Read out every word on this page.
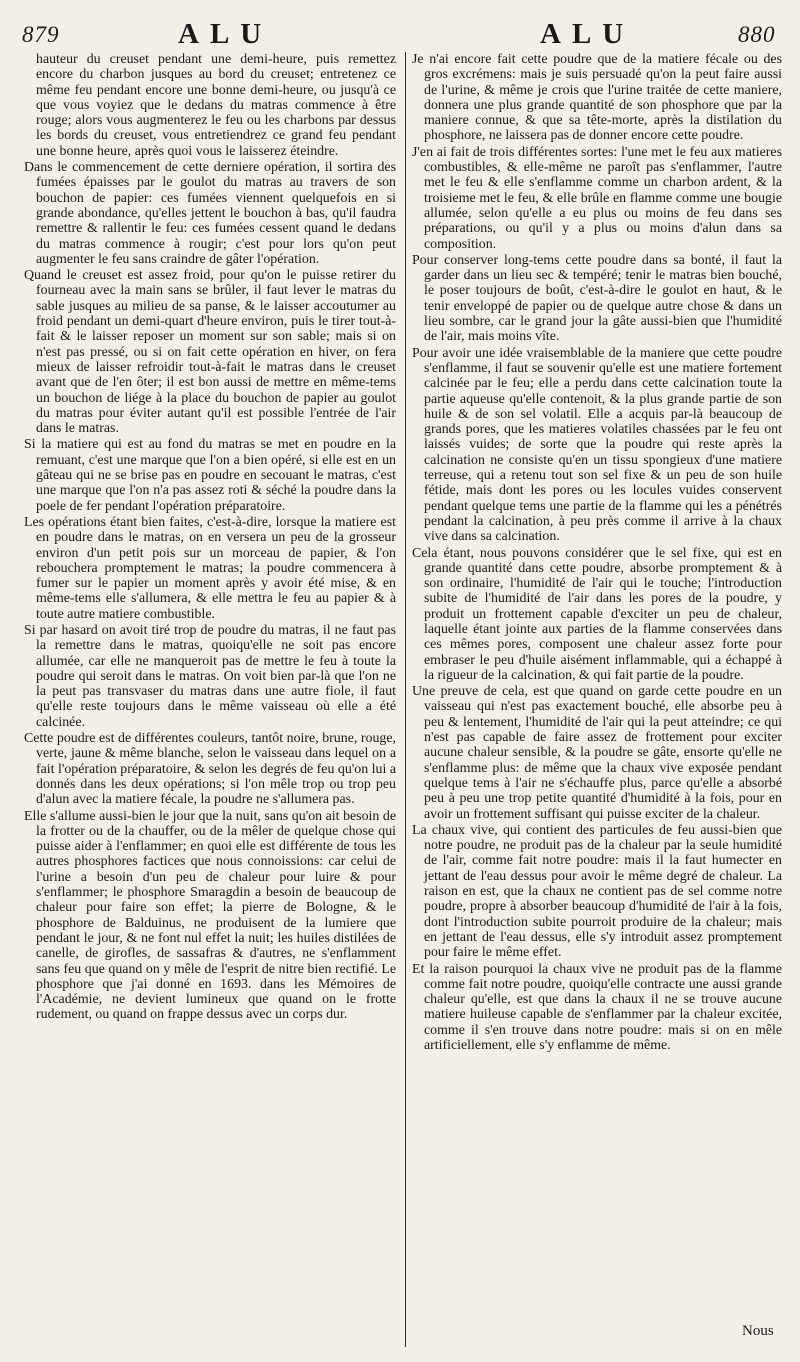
879	ALU	ALU	880

hauteur du creuset pendant une demi-heure, puis remettez encore du charbon jusques au bord du creuset; entretenez ce même feu pendant encore une bonne demi-heure, ou jusqu'à ce que vous voyiez que le dedans du matras commence à être rouge; alors vous augmenterez le feu ou les charbons par dessus les bords du creuset, vous entretiendrez ce grand feu pendant une bonne heure, après quoi vous le laisserez éteindre.

Dans le commencement de cette derniere opération, il sortira des fumées épaisses par le goulot du matras au travers de son bouchon de papier: ces fumées viennent quelquefois en si grande abondance, qu'elles jettent le bouchon à bas, qu'il faudra remettre & rallentir le feu: ces fumées cessent quand le dedans du matras commence à rougir; c'est pour lors qu'on peut augmenter le feu sans craindre de gâter l'opération.

Quand le creuset est assez froid, pour qu'on le puisse retirer du fourneau avec la main sans se brûler, il faut lever le matras du sable jusques au milieu de sa panse, & le laisser accoutumer au froid pendant un demi-quart d'heure environ, puis le tirer tout-à-fait & le laisser reposer un moment sur son sable; mais si on n'est pas pressé, ou si on fait cette opération en hiver, on fera mieux de laisser refroidir tout-à-fait le matras dans le creuset avant que de l'en ôter; il est bon aussi de mettre en même-tems un bouchon de liége à la place du bouchon de papier au goulot du matras pour éviter autant qu'il est possible l'entrée de l'air dans le matras.

Si la matiere qui est au fond du matras se met en poudre en la remuant, c'est une marque que l'on a bien opéré, si elle est en un gâteau qui ne se brise pas en poudre en secouant le matras, c'est une marque que l'on n'a pas assez roti & séché la poudre dans la poele de fer pendant l'opération préparatoire.

Les opérations étant bien faites, c'est-à-dire, lorsque la matiere est en poudre dans le matras, on en versera un peu de la grosseur environ d'un petit pois sur un morceau de papier, & l'on rebouchera promptement le matras; la poudre commencera à fumer sur le papier un moment après y avoir été mise, & en même-tems elle s'allumera, & elle mettra le feu au papier & à toute autre matiere combustible.

Si par hasard on avoit tiré trop de poudre du matras, il ne faut pas la remettre dans le matras, quoiqu'elle ne soit pas encore allumée, car elle ne manqueroit pas de mettre le feu à toute la poudre qui seroit dans le matras. On voit bien par-là que l'on ne la peut pas transvaser du matras dans une autre fiole, il faut qu'elle reste toujours dans le même vaisseau où elle a été calcinée.

Cette poudre est de différentes couleurs, tantôt noire, brune, rouge, verte, jaune & même blanche, selon le vaisseau dans lequel on a fait l'opération préparatoire, & selon les degrés de feu qu'on lui a donnés dans les deux opérations; si l'on mêle trop ou trop peu d'alun avec la matiere fécale, la poudre ne s'allumera pas.

Elle s'allume aussi-bien le jour que la nuit, sans qu'on ait besoin de la frotter ou de la chauffer, ou de la mêler de quelque chose qui puisse aider à l'enflammer; en quoi elle est différente de tous les autres phosphores factices que nous connoissions: car celui de l'urine a besoin d'un peu de chaleur pour luire & pour s'enflammer; le phosphore Smaragdin a besoin de beaucoup de chaleur pour faire son effet; la pierre de Bologne, & le phosphore de Balduinus, ne produisent de la lumiere que pendant le jour, & ne font nul effet la nuit; les huiles distilées de canelle, de girofles, de sassafras & d'autres, ne s'enflamment sans feu que quand on y mêle de l'esprit de nitre bien rectifié. Le phosphore que j'ai donné en 1693. dans les Mémoires de l'Académie, ne devient lumineux que quand on le frotte rudement, ou quand on frappe dessus avec un corps dur.

Je n'ai encore fait cette poudre que de la matiere fécale ou des gros excrémens: mais je suis persuadé qu'on la peut faire aussi de l'urine, & même je crois que l'urine traitée de cette maniere, donnera une plus grande quantité de son phosphore que par la maniere connue, & que sa tête-morte, après la distilation du phosphore, ne laissera pas de donner encore cette poudre.

J'en ai fait de trois différentes sortes: l'une met le feu aux matieres combustibles, & elle-même ne paroît pas s'enflammer, l'autre met le feu & elle s'enflamme comme un charbon ardent, & la troisieme met le feu, & elle brûle en flamme comme une bougie allumée, selon qu'elle a eu plus ou moins de feu dans ses préparations, ou qu'il y a plus ou moins d'alun dans sa composition.

Pour conserver long-tems cette poudre dans sa bonté, il faut la garder dans un lieu sec & tempéré; tenir le matras bien bouché, le poser toujours de boût, c'est-à-dire le goulot en haut, & le tenir enveloppé de papier ou de quelque autre chose & dans un lieu sombre, car le grand jour la gâte aussi-bien que l'humidité de l'air, mais moins vîte.

Pour avoir une idée vraisemblable de la maniere que cette poudre s'enflamme, il faut se souvenir qu'elle est une matiere fortement calcinée par le feu; elle a perdu dans cette calcination toute la partie aqueuse qu'elle contenoit, & la plus grande partie de son huile & de son sel volatil. Elle a acquis par-là beaucoup de grands pores, que les matieres volatiles chassées par le feu ont laissés vuides; de sorte que la poudre qui reste après la calcination ne consiste qu'en un tissu spongieux d'une matiere terreuse, qui a retenu tout son sel fixe & un peu de son huile fétide, mais dont les pores ou les locules vuides conservent pendant quelque tems une partie de la flamme qui les a pénétrés pendant la calcination, à peu près comme il arrive à la chaux vive dans sa calcination.

Cela étant, nous pouvons considérer que le sel fixe, qui est en grande quantité dans cette poudre, absorbe promptement & à son ordinaire, l'humidité de l'air qui le touche; l'introduction subite de l'humidité de l'air dans les pores de la poudre, y produit un frottement capable d'exciter un peu de chaleur, laquelle étant jointe aux parties de la flamme conservées dans ces mêmes pores, composent une chaleur assez forte pour embraser le peu d'huile aisément inflammable, qui a échappé à la rigueur de la calcination, & qui fait partie de la poudre.

Une preuve de cela, est que quand on garde cette poudre en un vaisseau qui n'est pas exactement bouché, elle absorbe peu à peu & lentement, l'humidité de l'air qui la peut atteindre; ce qui n'est pas capable de faire assez de frottement pour exciter aucune chaleur sensible, & la poudre se gâte, ensorte qu'elle ne s'enflamme plus: de même que la chaux vive exposée pendant quelque tems à l'air ne s'échauffe plus, parce qu'elle a absorbé peu à peu une trop petite quantité d'humidité à la fois, pour en avoir un frottement suffisant qui puisse exciter de la chaleur.

La chaux vive, qui contient des particules de feu aussi-bien que notre poudre, ne produit pas de la chaleur par la seule humidité de l'air, comme fait notre poudre: mais il la faut humecter en jettant de l'eau dessus pour avoir le même degré de chaleur. La raison en est, que la chaux ne contient pas de sel comme notre poudre, propre à absorber beaucoup d'humidité de l'air à la fois, dont l'introduction subite pourroit produire de la chaleur; mais en jettant de l'eau dessus, elle s'y introduit assez promptement pour faire le même effet.

Et la raison pourquoi la chaux vive ne produit pas de la flamme comme fait notre poudre, quoiqu'elle contracte une aussi grande chaleur qu'elle, est que dans la chaux il ne se trouve aucune matiere huileuse capable de s'enflammer par la chaleur excitée, comme il s'en trouve dans notre poudre: mais si on en mêle artificiellement, elle s'y enflamme de même.

Nous
